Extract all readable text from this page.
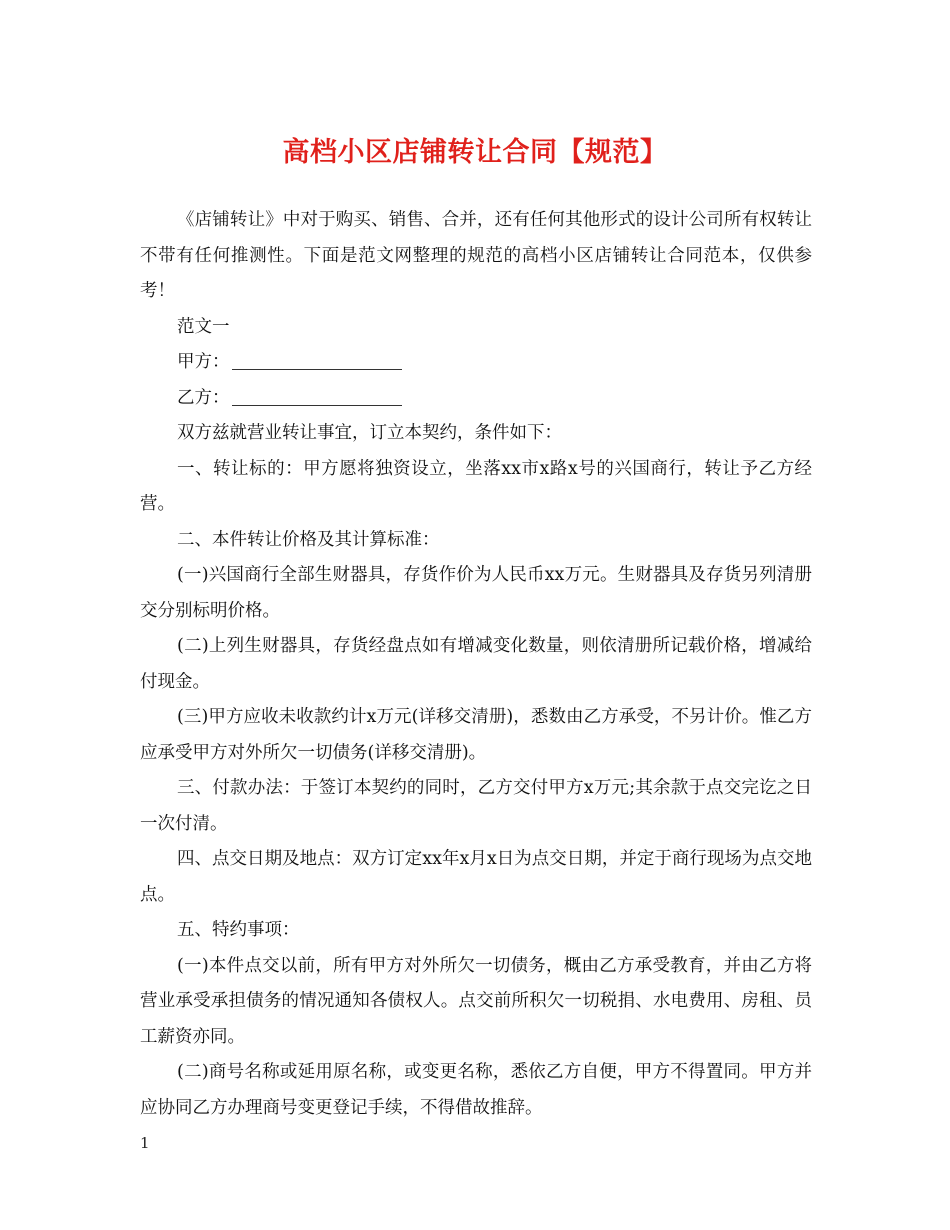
高档小区店铺转让合同【规范】

《店铺转让》中对于购买、销售、合并，还有任何其他形式的设计公司所有权转让不带有任何推测性。下面是范文网整理的规范的高档小区店铺转让合同范本，仅供参考！

范文一

甲方：

乙方：

双方兹就营业转让事宜，订立本契约，条件如下：

一、转让标的：甲方愿将独资设立，坐落xx市x路x号的兴国商行，转让予乙方经营。

二、本件转让价格及其计算标准：

(一)兴国商行全部生财器具，存货作价为人民币xx万元。生财器具及存货另列清册交分别标明价格。

(二)上列生财器具，存货经盘点如有增减变化数量，则依清册所记载价格，增减给付现金。

(三)甲方应收未收款约计x万元(详移交清册)，悉数由乙方承受，不另计价。惟乙方应承受甲方对外所欠一切债务(详移交清册)。

三、付款办法：于签订本契约的同时，乙方交付甲方x万元;其余款于点交完讫之日一次付清。

四、点交日期及地点：双方订定xx年x月x日为点交日期，并定于商行现场为点交地点。

五、特约事项：

(一)本件点交以前，所有甲方对外所欠一切债务，概由乙方承受教育，并由乙方将营业承受承担债务的情况通知各债权人。点交前所积欠一切税捐、水电费用、房租、员工薪资亦同。

(二)商号名称或延用原名称，或变更名称，悉依乙方自便，甲方不得置同。甲方并应协同乙方办理商号变更登记手续，不得借故推辞。

1
